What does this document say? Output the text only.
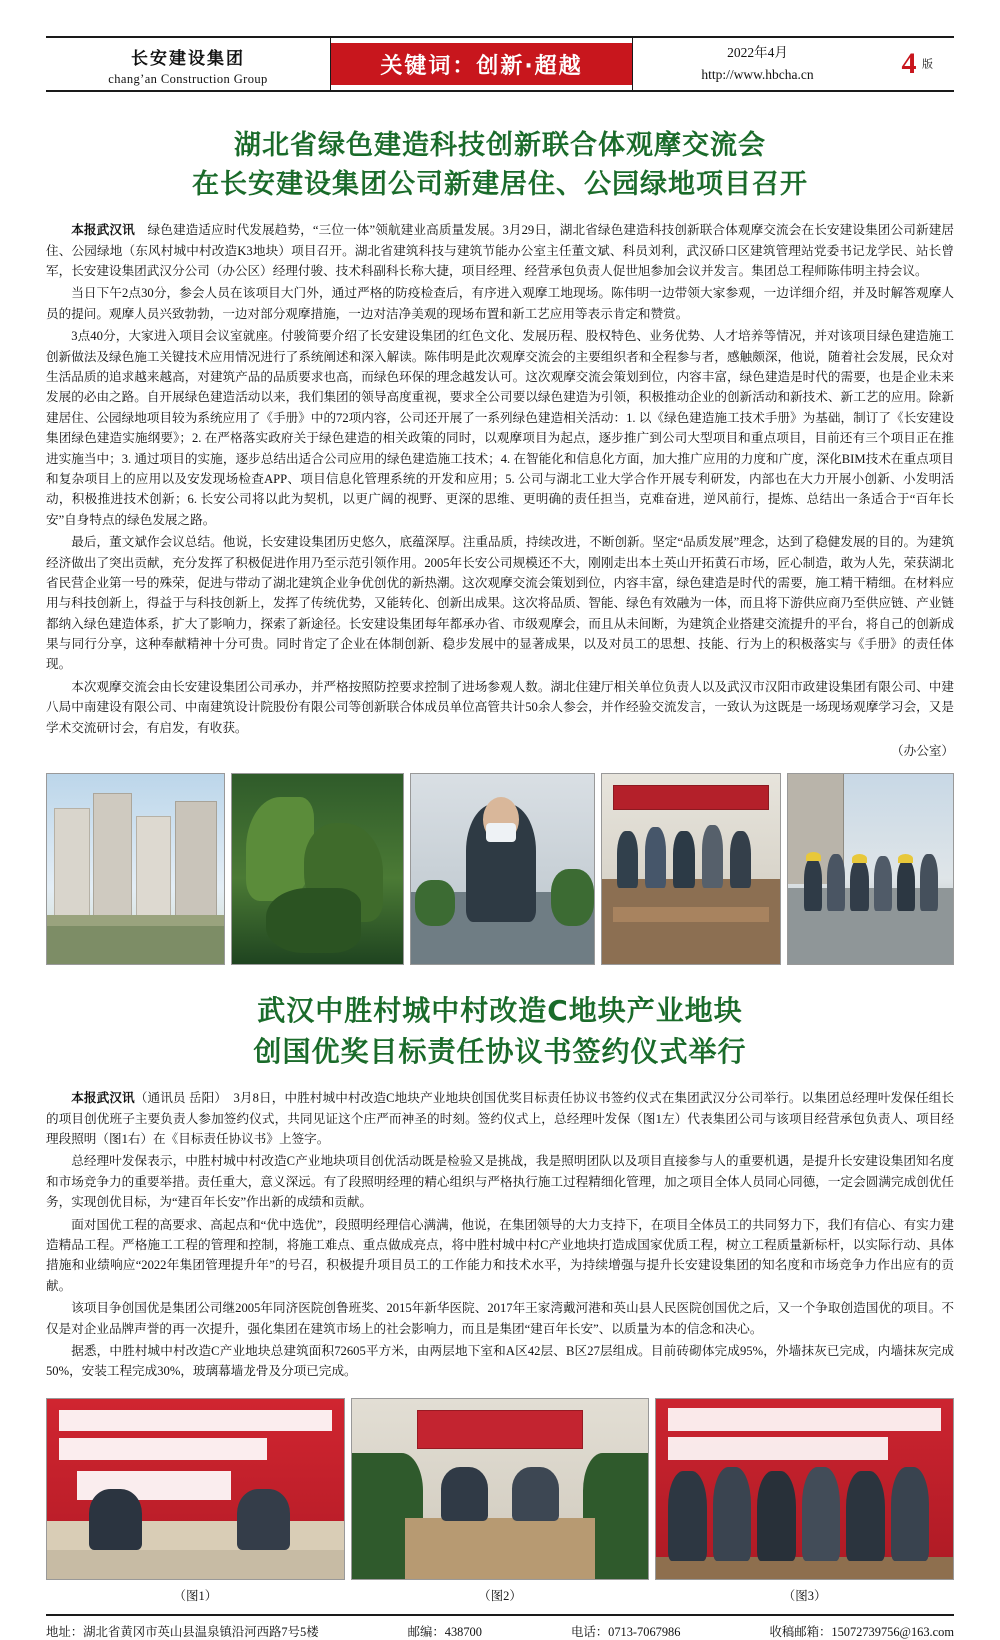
长安建设集团
chang’an Construction Group	关键词：创新·超越
2022年4月
http://www.hbcha.cn	4 版
湖北省绿色建造科技创新联合体观摩交流会
在长安建设集团公司新建居住、公园绿地项目召开

本报武汉讯　 绿色建造适应时代发展趋势，“三位一体”领航建业高质量发展。3月29日，湖北省绿色建造科技创新联合体观摩交流会在长安建设集团公司新建居住、公园绿地（东风村城中村改造K3地块）项目召开。湖北省建筑科技与建筑节能办公室主任董文斌、科员刘利，武汉硚口区建筑管理站党委书记龙学民、站长曾军，长安建设集团武汉分公司（办公区）经理付骏、技术科副科长称大捷，项目经理、经营承包负责人促世旭参加会议并发言。集团总工程师陈伟明主持会议。

当日下午2点30分，参会人员在该项目大门外，通过严格的防疫检查后，有序进入观摩工地现场。陈伟明一边带领大家参观，一边详细介绍，并及时解答观摩人员的提问。观摩人员兴致勃勃，一边对部分观摩措施，一边对洁净美观的现场布置和新工艺应用等表示肯定和赞赏。

3点40分，大家进入项目会议室就座。付骏简要介绍了长安建设集团的红色文化、发展历程、股权特色、业务优势、人才培养等情况，并对该项目绿色建造施工创新做法及绿色施工关键技术应用情况进行了系统阐述和深入解读。陈伟明是此次观摩交流会的主要组织者和全程参与者，感触颇深，他说，随着社会发展，民众对生活品质的追求越来越高，对建筑产品的品质要求也高，而绿色环保的理念越发认可。这次观摩交流会策划到位，内容丰富，绿色建造是时代的需要，也是企业未来发展的必由之路。自开展绿色建造活动以来，我们集团的领导高度重视，要求全公司要以绿色建造为引领，积极推动企业的创新活动和新技术、新工艺的应用。除新建居住、公园绿地项目较为系统应用了《手册》中的72项内容，公司还开展了一系列绿色建造相关活动：1. 以《绿色建造施工技术手册》为基础，制订了《长安建设集团绿色建造实施纲要》；2. 在严格落实政府关于绿色建造的相关政策的同时，以观摩项目为起点，逐步推广到公司大型项目和重点项目，目前还有三个项目正在推进实施当中；3. 通过项目的实施，逐步总结出适合公司应用的绿色建造施工技术；4. 在智能化和信息化方面，加大推广应用的力度和广度，深化BIM技术在重点项目和复杂项目上的应用以及安发现场检查APP、项目信息化管理系统的开发和应用；5. 公司与湖北工业大学合作开展专利研发，内部也在大力开展小创新、小发明活动，积极推进技术创新；6. 长安公司将以此为契机，以更广阔的视野、更深的思维、更明确的责任担当，克难奋进，逆风前行，提炼、总结出一条适合于“百年长安”自身特点的绿色发展之路。

最后，董文斌作会议总结。他说，长安建设集团历史悠久，底蕴深厚。注重品质，持续改进，不断创新。坚定“品质发展”理念，达到了稳健发展的目的。为建筑经济做出了突出贡献，充分发挥了积极促进作用乃至示范引领作用。2005年长安公司规模还不大，刚刚走出本土英山开拓黄石市场，匠心制造，敢为人先，荣获湖北省民营企业第一号的殊荣，促进与带动了湖北建筑企业争优创优的新热潮。这次观摩交流会策划到位，内容丰富，绿色建造是时代的需要，施工精干精细。在材料应用与科技创新上，得益于与科技创新上，发挥了传统优势，又能转化、创新出成果。这次将品质、智能、绿色有效融为一体，而且将下游供应商乃至供应链、产业链都纳入绿色建造体系，扩大了影响力，探索了新途径。长安建设集团每年都承办省、市级观摩会，而且从未间断，为建筑企业搭建交流提升的平台，将自己的创新成果与同行分享，这种奉献精神十分可贵。同时肯定了企业在体制创新、稳步发展中的显著成果，以及对员工的思想、技能、行为上的积极落实与《手册》的责任体现。

本次观摩交流会由长安建设集团公司承办，并严格按照防控要求控制了进场参观人数。湖北住建厅相关单位负责人以及武汉市汉阳市政建设集团有限公司、中建八局中南建设有限公司、中南建筑设计院股份有限公司等创新联合体成员单位高管共计50余人参会，并作经验交流发言，一致认为这既是一场现场观摩学习会，又是学术交流研讨会，有启发，有收获。

（办公室）
武汉中胜村城中村改造C地块产业地块
创国优奖目标责任协议书签约仪式举行

本报武汉讯（通讯员 岳阳）　 3月8日，中胜村城中村改造C地块产业地块创国优奖目标责任协议书签约仪式在集团武汉分公司举行。以集团总经理叶发保任组长的项目创优班子主要负责人参加签约仪式，共同见证这个庄严而神圣的时刻。签约仪式上，总经理叶发保（图1左）代表集团公司与该项目经营承包负责人、项目经理段照明（图1右）在《目标责任协议书》上签字。

总经理叶发保表示，中胜村城中村改造C产业地块项目创优活动既是检验又是挑战，我是照明团队以及项目直接参与人的重要机遇，是提升长安建设集团知名度和市场竞争力的重要举措。责任重大，意义深远。有了段照明经理的精心组织与严格执行施工过程精细化管理，加之项目全体人员同心同德，一定会圆满完成创优任务，实现创优目标，为“建百年长安”作出新的成绩和贡献。

面对国优工程的高要求、高起点和“优中选优”，段照明经理信心满满，他说，在集团领导的大力支持下，在项目全体员工的共同努力下，我们有信心、有实力建造精品工程。严格施工工程的管理和控制，将施工难点、重点做成亮点，将中胜村城中村C产业地块打造成国家优质工程，树立工程质量新标杆，以实际行动、具体措施和业绩响应“2022年集团管理提升年”的号召，积极提升项目员工的工作能力和技术水平，为持续增强与提升长安建设集团的知名度和市场竞争力作出应有的贡献。

该项目争创国优是集团公司继2005年同济医院创鲁班奖、2015年新华医院、2017年王家湾戴河港和英山县人民医院创国优之后，又一个争取创造国优的项目。不仅是对企业品牌声誉的再一次提升，强化集团在建筑市场上的社会影响力，而且是集团“建百年长安”、以质量为本的信念和决心。

据悉，中胜村城中村改造C产业地块总建筑面积72605平方米，由两层地下室和A区42层、B区27层组成。目前砖砌体完成95%，外墙抹灰已完成，内墙抹灰完成50%，安装工程完成30%，玻璃幕墙龙骨及分项已完成。

（图1）	（图2）	（图3）
地址：湖北省黄冈市英山县温泉镇沿河西路7号5楼	邮编：438700	电话：0713-7067986	收稿邮箱：15072739756@163.com
